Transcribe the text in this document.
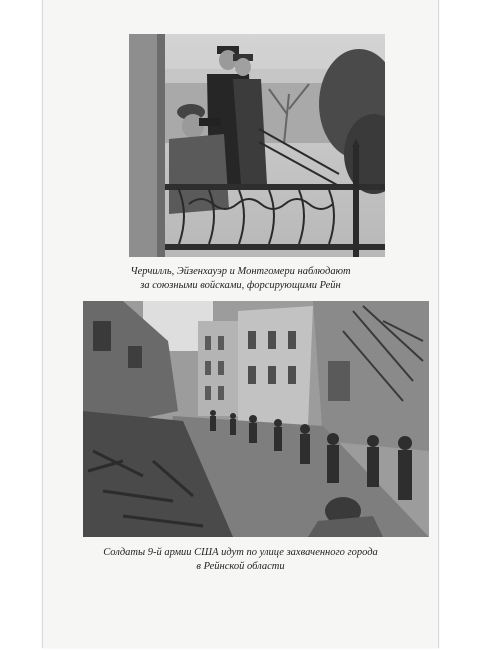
Черчилль, Эйзенхауэр и Монтгомери наблюдают
за союзными войсками, форсирующими Рейн
Солдаты 9-й армии США идут по улице захваченного города
в Рейнской области
